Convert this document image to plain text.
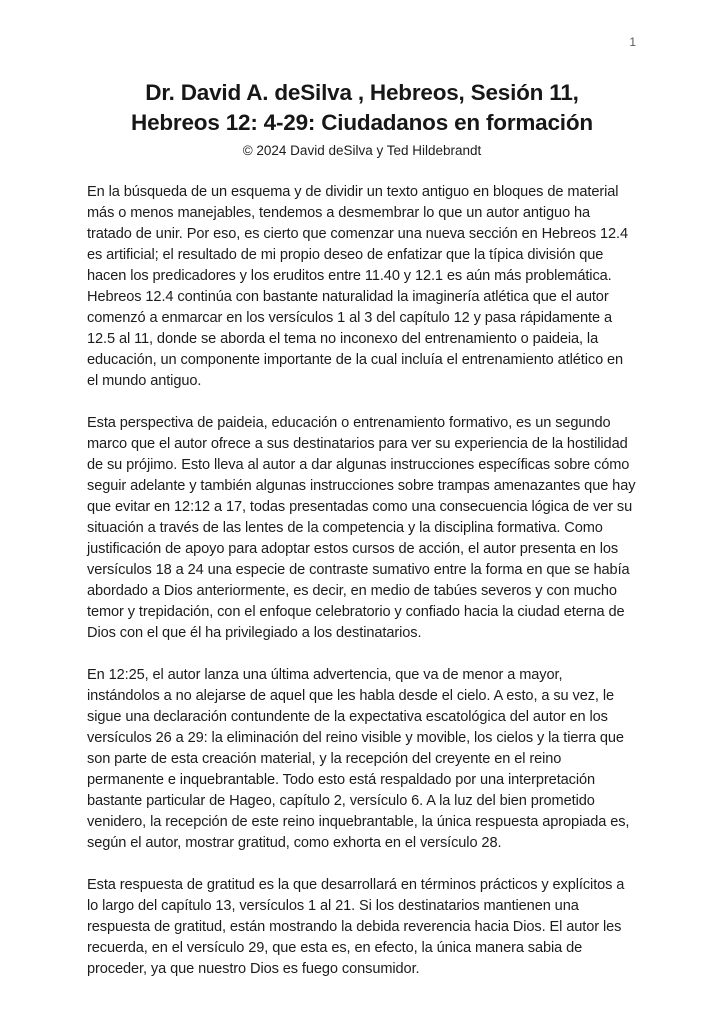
1
Dr. David A. deSilva , Hebreos, Sesión 11,
Hebreos 12: 4-29: Ciudadanos en formación
© 2024 David deSilva y Ted Hildebrandt

En la búsqueda de un esquema y de dividir un texto antiguo en bloques de material más o menos manejables, tendemos a desmembrar lo que un autor antiguo ha tratado de unir. Por eso, es cierto que comenzar una nueva sección en Hebreos 12.4 es artificial; el resultado de mi propio deseo de enfatizar que la típica división que hacen los predicadores y los eruditos entre 11.40 y 12.1 es aún más problemática. Hebreos 12.4 continúa con bastante naturalidad la imaginería atlética que el autor comenzó a enmarcar en los versículos 1 al 3 del capítulo 12 y pasa rápidamente a 12.5 al 11, donde se aborda el tema no inconexo del entrenamiento o paideia, la educación, un componente importante de la cual incluía el entrenamiento atlético en el mundo antiguo.

Esta perspectiva de paideia, educación o entrenamiento formativo, es un segundo marco que el autor ofrece a sus destinatarios para ver su experiencia de la hostilidad de su prójimo. Esto lleva al autor a dar algunas instrucciones específicas sobre cómo seguir adelante y también algunas instrucciones sobre trampas amenazantes que hay que evitar en 12:12 a 17, todas presentadas como una consecuencia lógica de ver su situación a través de las lentes de la competencia y la disciplina formativa. Como justificación de apoyo para adoptar estos cursos de acción, el autor presenta en los versículos 18 a 24 una especie de contraste sumativo entre la forma en que se había abordado a Dios anteriormente, es decir, en medio de tabúes severos y con mucho temor y trepidación, con el enfoque celebratorio y confiado hacia la ciudad eterna de Dios con el que él ha privilegiado a los destinatarios.

En 12:25, el autor lanza una última advertencia, que va de menor a mayor, instándolos a no alejarse de aquel que les habla desde el cielo. A esto, a su vez, le sigue una declaración contundente de la expectativa escatológica del autor en los versículos 26 a 29: la eliminación del reino visible y movible, los cielos y la tierra que son parte de esta creación material, y la recepción del creyente en el reino permanente e inquebrantable. Todo esto está respaldado por una interpretación bastante particular de Hageo, capítulo 2, versículo 6. A la luz del bien prometido venidero, la recepción de este reino inquebrantable, la única respuesta apropiada es, según el autor, mostrar gratitud, como exhorta en el versículo 28.

Esta respuesta de gratitud es la que desarrollará en términos prácticos y explícitos a lo largo del capítulo 13, versículos 1 al 21. Si los destinatarios mantienen una respuesta de gratitud, están mostrando la debida reverencia hacia Dios. El autor les recuerda, en el versículo 29, que esta es, en efecto, la única manera sabia de proceder, ya que nuestro Dios es fuego consumidor.
